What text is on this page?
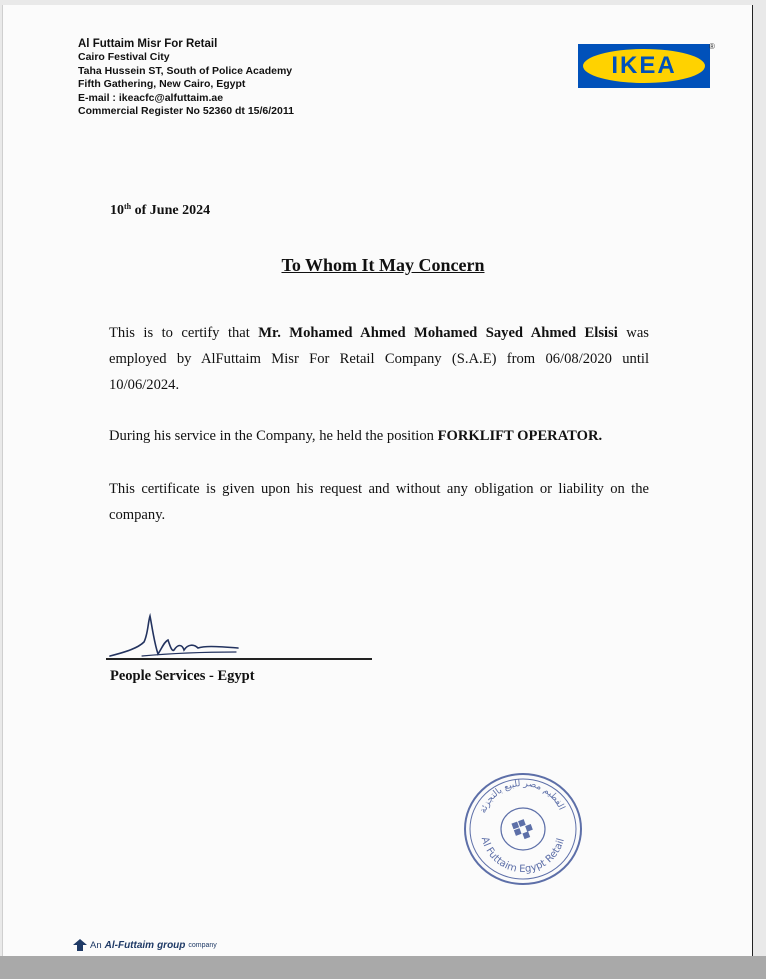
Al Futtaim Misr For Retail
Cairo Festival City
Taha Hussein ST, South of Police Academy
Fifth Gathering, New Cairo, Egypt
E-mail : ikeacfc@alfuttaim.ae
Commercial Register No 52360 dt 15/6/2011
IKEA
®
10th of June 2024
To Whom It May Concern
This is to certify that Mr. Mohamed Ahmed Mohamed Sayed Ahmed Elsisi was employed by AlFuttaim Misr For Retail Company (S.A.E) from 06/08/2020 until 10/06/2024.
During his service in the Company, he held the position FORKLIFT OPERATOR.
This certificate is given upon his request and without any obligation or liability on the company.
People Services - Egypt
Al Futtaim Egypt Retail
الفطيم مصر للبيع بالتجزئة
An Al-Futtaim group company
